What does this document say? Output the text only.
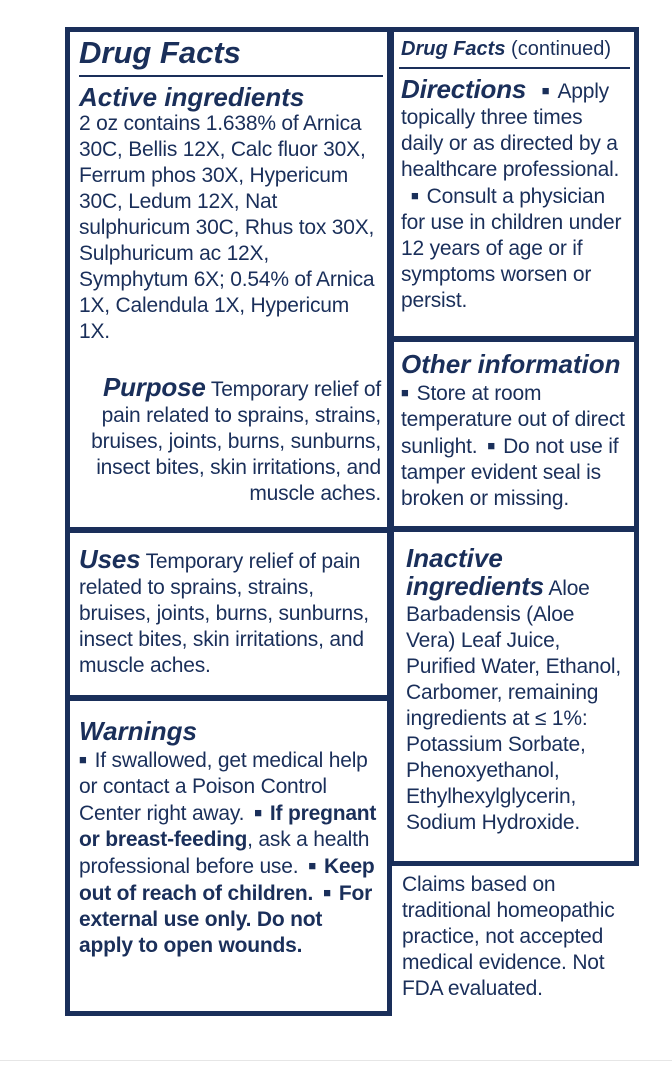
Drug Facts
Active ingredients
2 oz contains 1.638% of Arnica 30C, Bellis 12X, Calc fluor 30X, Ferrum phos 30X, Hypericum 30C, Ledum 12X, Nat sulphuricum 30C, Rhus tox 30X, Sulphuricum ac 12X, Symphytum 6X; 0.54% of Arnica 1X, Calendula 1X, Hypericum 1X.
Purpose Temporary relief of pain related to sprains, strains, bruises, joints, burns, sunburns, insect bites, skin irritations, and muscle aches.
Uses Temporary relief of pain related to sprains, strains, bruises, joints, burns, sunburns, insect bites, skin irritations, and muscle aches.
Warnings
■ If swallowed, get medical help or contact a Poison Control Center right away. ■ If pregnant or breast-feeding, ask a health professional before use. ■ Keep out of reach of children. ■ For external use only. Do not apply to open wounds.
Drug Facts (continued)
Directions ■ Apply topically three times daily or as directed by a healthcare professional. ■ Consult a physician for use in children under 12 years of age or if symptoms worsen or persist.
Other information
■ Store at room temperature out of direct sunlight. ■ Do not use if tamper evident seal is broken or missing.
Inactive
ingredients Aloe Barbadensis (Aloe Vera) Leaf Juice, Purified Water, Ethanol, Carbomer, remaining ingredients at ≤ 1%: Potassium Sorbate, Phenoxyethanol, Ethylhexylglycerin, Sodium Hydroxide.
Claims based on traditional homeopathic practice, not accepted medical evidence. Not FDA evaluated.
